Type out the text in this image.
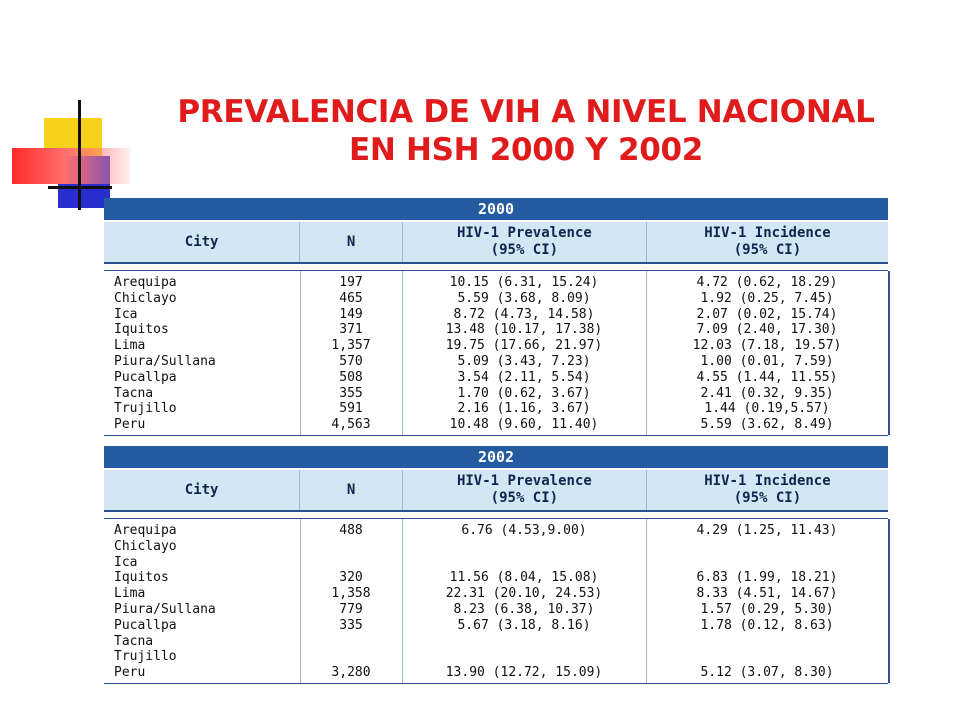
PREVALENCIA DE VIH A NIVEL NACIONAL
EN HSH 2000 Y 2002
2000
City	N
HIV-1 Prevalence
(95% CI)
HIV-1 Incidence
(95% CI)
Arequipa	197	10.15 (6.31, 15.24)	4.72 (0.62, 18.29)
Chiclayo	465	5.59 (3.68, 8.09)	1.92 (0.25, 7.45)
Ica	149	8.72 (4.73, 14.58)	2.07 (0.02, 15.74)
Iquitos	371	13.48 (10.17, 17.38)	7.09 (2.40, 17.30)
Lima	1,357	19.75 (17.66, 21.97)	12.03 (7.18, 19.57)
Piura/Sullana	570	5.09 (3.43, 7.23)	1.00 (0.01, 7.59)
Pucallpa	508	3.54 (2.11, 5.54)	4.55 (1.44, 11.55)
Tacna	355	1.70 (0.62, 3.67)	2.41 (0.32, 9.35)
Trujillo	591	2.16 (1.16, 3.67)	1.44 (0.19,5.57)
Peru	4,563	10.48 (9.60, 11.40)	5.59 (3.62, 8.49)
2002
City	N
HIV-1 Prevalence
(95% CI)
HIV-1 Incidence
(95% CI)
Arequipa	488	6.76 (4.53,9.00)	4.29 (1.25, 11.43)
Chiclayo
Ica
Iquitos	320	11.56 (8.04, 15.08)	6.83 (1.99, 18.21)
Lima	1,358	22.31 (20.10, 24.53)	8.33 (4.51, 14.67)
Piura/Sullana	779	8.23 (6.38, 10.37)	1.57 (0.29, 5.30)
Pucallpa	335	5.67 (3.18, 8.16)	1.78 (0.12, 8.63)
Tacna
Trujillo
Peru	3,280	13.90 (12.72, 15.09)	5.12 (3.07, 8.30)
